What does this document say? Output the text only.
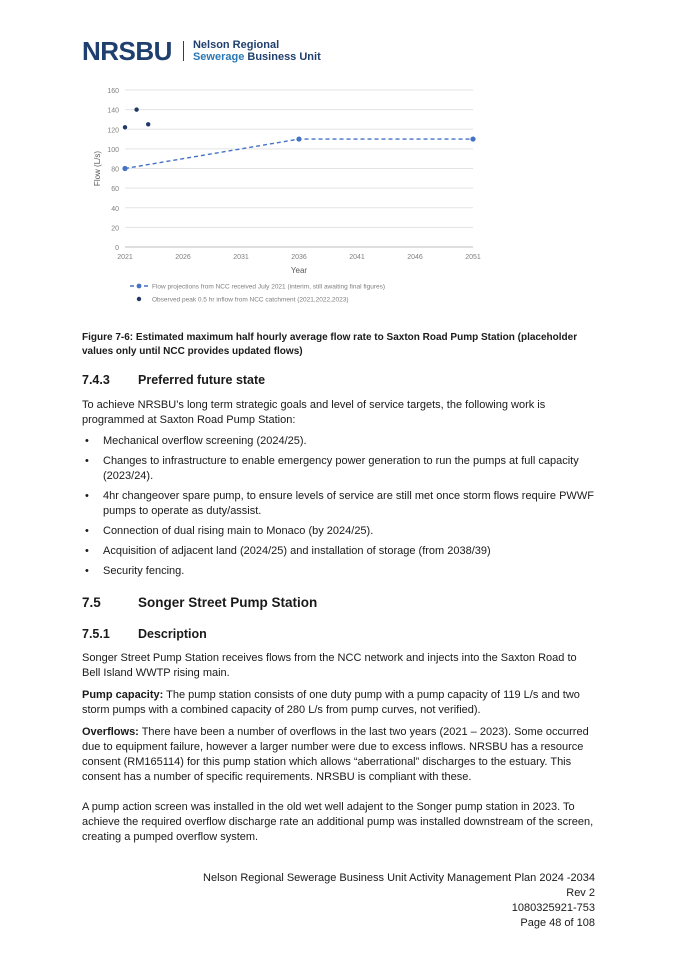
NRSBU Nelson Regional
Sewerage Business Unit
0
20
40
60
80
100
120
140
160
2021	2026	2031	2036	2041	2046	2051
Year
Flow (L/s)
Flow projections from NCC received July 2021 (interim, still awaiting final figures)
Observed peak 0.5 hr inflow from NCC catchment (2021,2022,2023)
Figure 7-6: Estimated maximum half hourly average flow rate to Saxton Road Pump Station (placeholder values only until NCC provides updated flows)
7.4.3	Preferred future state
To achieve NRSBU’s long term strategic goals and level of service targets, the following work is programmed at Saxton Road Pump Station:
• Mechanical overflow screening (2024/25).
• Changes to infrastructure to enable emergency power generation to run the pumps at full capacity (2023/24).
• 4hr changeover spare pump, to ensure levels of service are still met once storm flows require PWWF pumps to operate as duty/assist.
• Connection of dual rising main to Monaco (by 2024/25).
• Acquisition of adjacent land (2024/25) and installation of storage (from 2038/39)
• Security fencing.
7.5	Songer Street Pump Station
7.5.1	Description
Songer Street Pump Station receives flows from the NCC network and injects into the Saxton Road to Bell Island WWTP rising main.
Pump capacity: The pump station consists of one duty pump with a pump capacity of 119 L/s and two storm pumps with a combined capacity of 280 L/s from pump curves, not verified).
Overflows: There have been a number of overflows in the last two years (2021 – 2023). Some occurred due to equipment failure, however a larger number were due to excess inflows. NRSBU has a resource consent (RM165114) for this pump station which allows “aberrational” discharges to the estuary. This consent has a number of specific requirements. NRSBU is compliant with these.
A pump action screen was installed in the old wet well adajent to the Songer pump station in 2023. To achieve the required overflow discharge rate an additional pump was installed downstream of the screen, creating a pumped overflow system.
Nelson Regional Sewerage Business Unit Activity Management Plan 2024 -2034
Rev 2
1080325921-753
Page 48 of 108
